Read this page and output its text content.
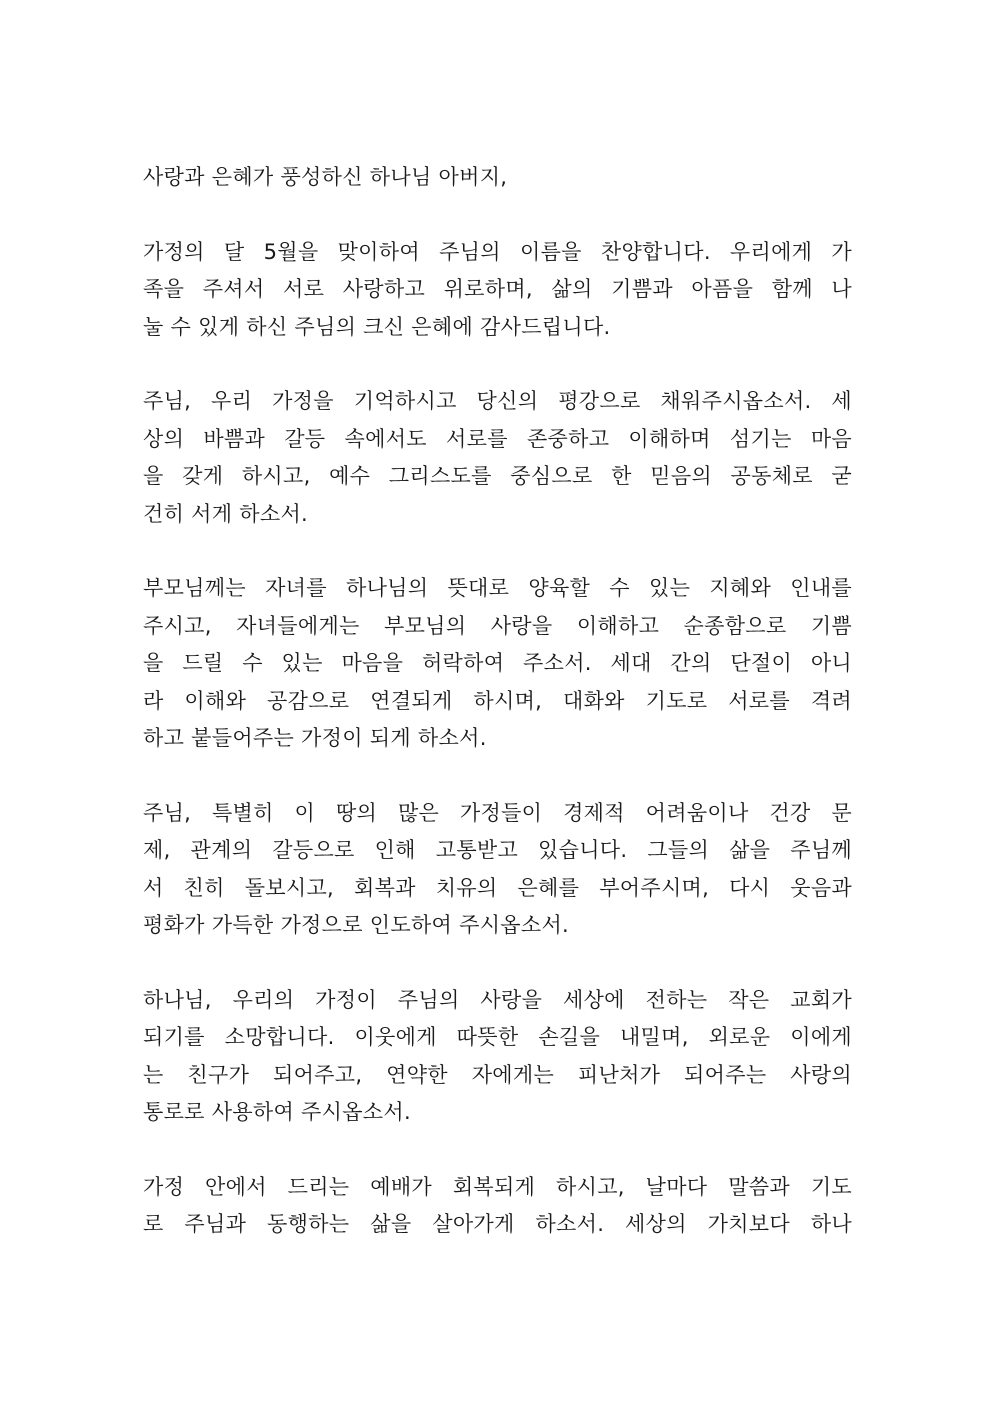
사랑과 은혜가 풍성하신 하나님 아버지,
가정의 달 5월을 맞이하여 주님의 이름을 찬양합니다. 우리에게 가
족을 주셔서 서로 사랑하고 위로하며, 삶의 기쁨과 아픔을 함께 나
눌 수 있게 하신 주님의 크신 은혜에 감사드립니다.
주님, 우리 가정을 기억하시고 당신의 평강으로 채워주시옵소서. 세
상의 바쁨과 갈등 속에서도 서로를 존중하고 이해하며 섬기는 마음
을 갖게 하시고, 예수 그리스도를 중심으로 한 믿음의 공동체로 굳
건히 서게 하소서.
부모님께는 자녀를 하나님의 뜻대로 양육할 수 있는 지혜와 인내를
주시고, 자녀들에게는 부모님의 사랑을 이해하고 순종함으로 기쁨
을 드릴 수 있는 마음을 허락하여 주소서. 세대 간의 단절이 아니
라 이해와 공감으로 연결되게 하시며, 대화와 기도로 서로를 격려
하고 붙들어주는 가정이 되게 하소서.
주님, 특별히 이 땅의 많은 가정들이 경제적 어려움이나 건강 문
제, 관계의 갈등으로 인해 고통받고 있습니다. 그들의 삶을 주님께
서 친히 돌보시고, 회복과 치유의 은혜를 부어주시며, 다시 웃음과
평화가 가득한 가정으로 인도하여 주시옵소서.
하나님, 우리의 가정이 주님의 사랑을 세상에 전하는 작은 교회가
되기를 소망합니다. 이웃에게 따뜻한 손길을 내밀며, 외로운 이에게
는 친구가 되어주고, 연약한 자에게는 피난처가 되어주는 사랑의
통로로 사용하여 주시옵소서.
가정 안에서 드리는 예배가 회복되게 하시고, 날마다 말씀과 기도
로 주님과 동행하는 삶을 살아가게 하소서. 세상의 가치보다 하나
